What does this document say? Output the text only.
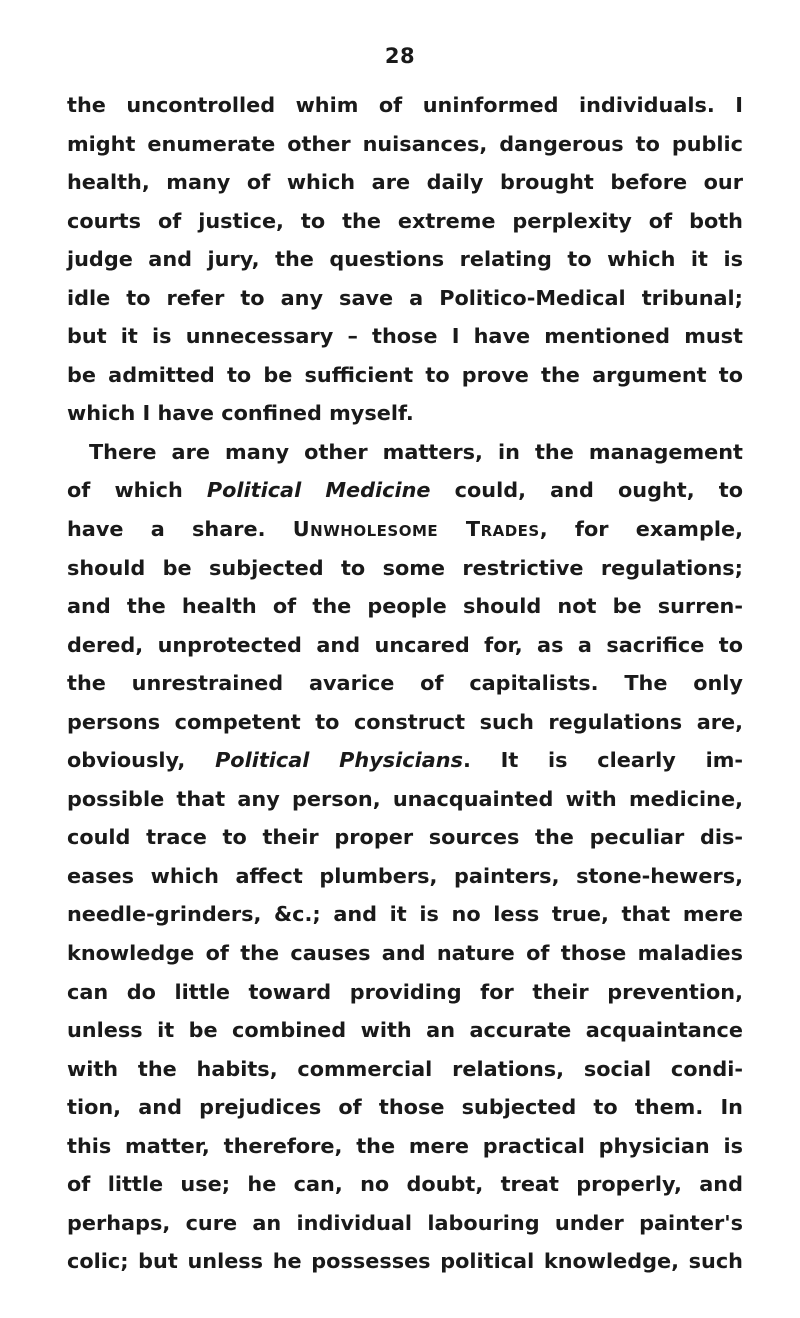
28
the uncontrolled whim of uninformed individuals. I
might enumerate other nuisances, dangerous to public
health, many of which are daily brought before our
courts of justice, to the extreme perplexity of both
judge and jury, the questions relating to which it is
idle to refer to any save a Politico-Medical tribunal;
but it is unnecessary – those I have mentioned must
be admitted to be sufficient to prove the argument to
which I have confined myself.
There are many other matters, in the management
of which Political Medicine could, and ought, to
have a share. Unwholesome Trades, for example,
should be subjected to some restrictive regulations;
and the health of the people should not be surren-
dered, unprotected and uncared for, as a sacrifice to
the unrestrained avarice of capitalists. The only
persons competent to construct such regulations are,
obviously, Political Physicians. It is clearly im-
possible that any person, unacquainted with medicine,
could trace to their proper sources the peculiar dis-
eases which affect plumbers, painters, stone-hewers,
needle-grinders, &c.; and it is no less true, that mere
knowledge of the causes and nature of those maladies
can do little toward providing for their prevention,
unless it be combined with an accurate acquaintance
with the habits, commercial relations, social condi-
tion, and prejudices of those subjected to them. In
this matter, therefore, the mere practical physician is
of little use; he can, no doubt, treat properly, and
perhaps, cure an individual labouring under painter's
colic; but unless he possesses political knowledge, such
